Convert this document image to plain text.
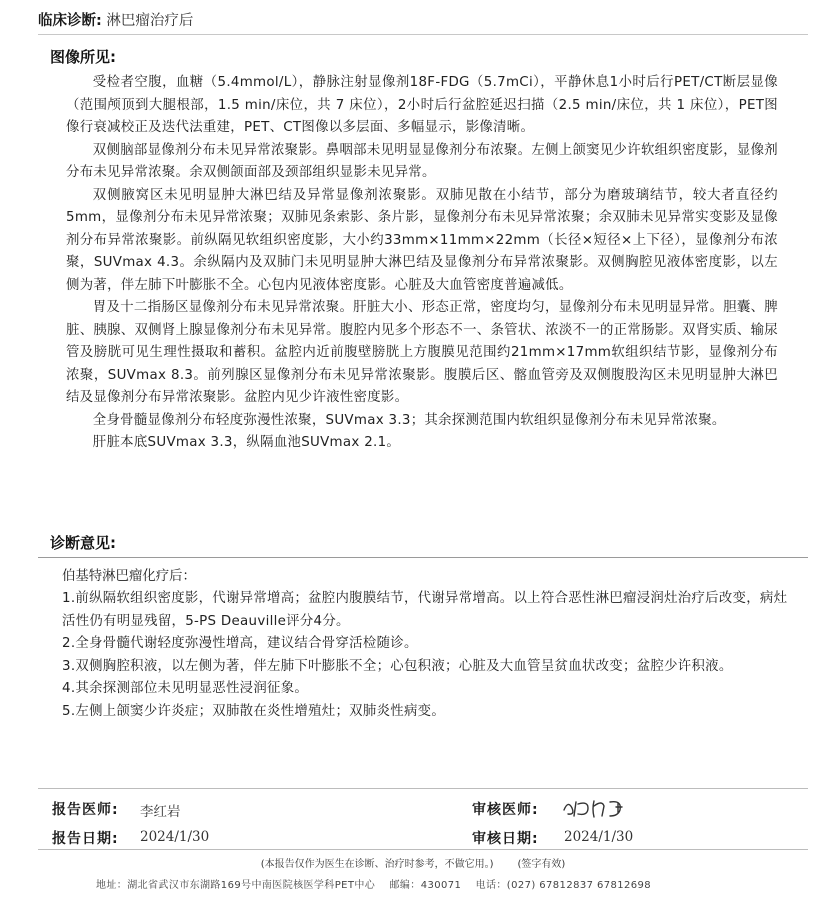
临床诊断: 淋巴瘤治疗后
图像所见:

受检者空腹，血糖（5.4mmol/L），静脉注射显像剂18F-FDG（5.7mCi），平静休息1小时后行PET/CT断层显像（范围颅顶到大腿根部，1.5 min/床位，共 7 床位），2小时后行盆腔延迟扫描（2.5 min/床位，共 1 床位），PET图像行衰减校正及迭代法重建，PET、CT图像以多层面、多幅显示，影像清晰。

双侧脑部显像剂分布未见异常浓聚影。鼻咽部未见明显显像剂分布浓聚。左侧上颌窦见少许软组织密度影，显像剂分布未见异常浓聚。余双侧颌面部及颈部组织显影未见异常。

双侧腋窝区未见明显肿大淋巴结及异常显像剂浓聚影。双肺见散在小结节，部分为磨玻璃结节，较大者直径约5mm，显像剂分布未见异常浓聚；双肺见条索影、条片影，显像剂分布未见异常浓聚；余双肺未见异常实变影及显像剂分布异常浓聚影。前纵隔见软组织密度影，大小约33mm×11mm×22mm（长径×短径×上下径），显像剂分布浓聚，SUVmax 4.3。余纵隔内及双肺门未见明显肿大淋巴结及显像剂分布异常浓聚影。双侧胸腔见液体密度影，以左侧为著，伴左肺下叶膨胀不全。心包内见液体密度影。心脏及大血管密度普遍减低。

胃及十二指肠区显像剂分布未见异常浓聚。肝脏大小、形态正常，密度均匀，显像剂分布未见明显异常。胆囊、脾脏、胰腺、双侧肾上腺显像剂分布未见异常。腹腔内见多个形态不一、条管状、浓淡不一的正常肠影。双肾实质、输尿管及膀胱可见生理性摄取和蓄积。盆腔内近前腹壁膀胱上方腹膜见范围约21mm×17mm软组织结节影，显像剂分布浓聚，SUVmax 8.3。前列腺区显像剂分布未见异常浓聚影。腹膜后区、髂血管旁及双侧腹股沟区未见明显肿大淋巴结及显像剂分布异常浓聚影。盆腔内见少许液性密度影。

全身骨髓显像剂分布轻度弥漫性浓聚，SUVmax 3.3；其余探测范围内软组织显像剂分布未见异常浓聚。

肝脏本底SUVmax 3.3，纵隔血池SUVmax 2.1。

诊断意见:
伯基特淋巴瘤化疗后：
1.前纵隔软组织密度影，代谢异常增高；盆腔内腹膜结节，代谢异常增高。以上符合恶性淋巴瘤浸润灶治疗后改变，病灶活性仍有明显残留，5-PS Deauville评分4分。
2.全身骨髓代谢轻度弥漫性增高，建议结合骨穿活检随诊。
3.双侧胸腔积液，以左侧为著，伴左肺下叶膨胀不全；心包积液；心脏及大血管呈贫血状改变；盆腔少许积液。
4.其余探测部位未见明显恶性浸润征象。
5.左侧上颌窦少许炎症；双肺散在炎性增殖灶；双肺炎性病变。
报告医师: 李红岩	审核医师:
报告日期: 2024/1/30	审核日期: 2024/1/30
(本报告仅作为医生在诊断、治疗时参考，不做它用。) (签字有效)
地址：湖北省武汉市东湖路169号中南医院核医学科PET中心 邮编：430071 电话：(027) 67812837 67812698
